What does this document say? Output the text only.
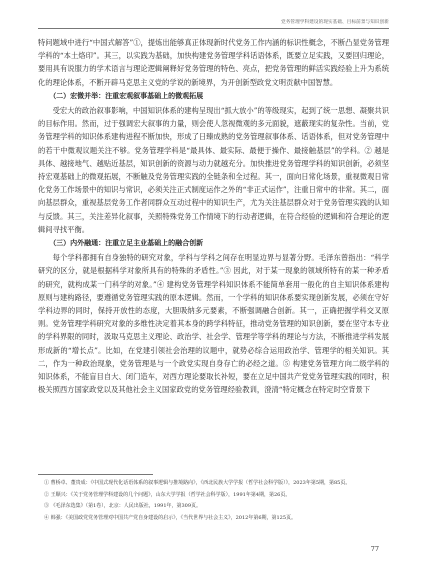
党务管理学科建设的现实基础、目标前景与知识创新

特问题域中进行“中国式解答”①，提炼出能够真正体现新时代党务工作内涵的标识性概念，不断凸显党务管理学科的“本土烙印”。其三，以实践为基础，加快构建党务管理学科话语体系，既要立足实践，又要回归理论，要用具有说服力的学术语言与理论逻辑阐释好党务管理的特色、亮点，把党务管理的鲜活实践经验上升为系统化的理论体系，不断开辟马克思主义党的学说的新境界，为开创新型政党文明贡献中国智慧。

（二）宏微并举：注重宏观叙事基础上的微观拓展

受宏大的政治叙事影响，中国知识体系的建构呈现出“抓大放小”的等级现实，起到了统一思想、凝聚共识的目标作用。然而，过于强调宏大叙事的力量，则会使人忽视微观的多元面貌，遮蔽现实的复杂性。当前，党务管理学科的知识体系建构进程不断加快，形成了日臻成熟的党务管理叙事体系、话语体系，但对党务管理中的若干中微观议题关注不够。党务管理学科是“最具体、最实际、最便于操作、最接触基层”的学科。② 越是具体、越接地气、越贴近基层，知识创新的资源与动力就越充分。加快推进党务管理学科的知识创新，必须坚持宏观基础上的微观拓展，不断触及党务管理实践的全链条和全过程。其一，面向日常化场景，重视微观日常化党务工作场景中的知识与常识，必须关注正式制度运作之外的“非正式运作”，注重日常中的非常。其二，面向基层群众，重视基层党务工作者同群众互动过程中的知识生产，尤为关注基层群众对于党务管理实践的认知与反馈。其三，关注差异化叙事，关照特殊党务工作情境下的行动者逻辑，在符合经验的逻辑和符合理论的逻辑间寻找平衡。

（三）内外融通：注重立足主业基础上的融合创新

每个学科都拥有自身独特的研究对象，学科与学科之间存在明显边界与显著分野。毛泽东曾指出：“科学研究的区分，就是根据科学对象所具有的特殊的矛盾性。”③ 因此，对于某一现象的领域所特有的某一种矛盾的研究，就构成某一门科学的对象。”④ 建构党务管理学科知识体系不能简单套用一般化的自主知识体系建构原则与建构路径，要遵循党务管理实践的原本逻辑。然而，一个学科的知识体系要实现创新发展，必须在守好学科边界的同时，保持开放性的态度，大胆吸纳多元要素，不断强调融合创新。其一，正确把握学科交叉原则。党务管理学科研究对象的多维性决定着其本身的跨学科特征，推动党务管理的知识创新，要在坚守本专业的学科界限的同时，汲取马克思主义理论、政治学、社会学、管理学等学科的理论与方法，不断推进学科发展形成新的“增长点”。比如，在党建引领社会治理的议题中，就势必综合运用政治学、管理学的相关知识。其二，作为一种政治现象，党务管理是与一个政党实现自身存亡的必经之道。⑤ 构建党务管理方向二级学科的知识体系，不能盲目自大、闭门造车，对西方理论要取长补短，要在立足中国共产党党务管理实践的同时，积极关照西方国家政党以及其他社会主义国家政党的党务管理经验教训，澄清“特定概念在特定时空背景下

① 曹桥卓、董贵成：《中国式现代化话语体系的叙事逻辑与推境路向》，《西北民族大学学报（哲学社会科学版）》，2023年第5期，第85页。
② 王顺兴：《关于党务管理学科建设的几个问题》，山东大学学报（哲学社会科学版），1991年第4期，第26页。
③ 《毛泽东选集》（第1卷），北京：人民出版社，1991年，第309页。
④ 韩强：《美国政党党务管理对中国共产党自身建设的启示》，《当代世界与社会主义》，2012年第6期，第125页。
77
